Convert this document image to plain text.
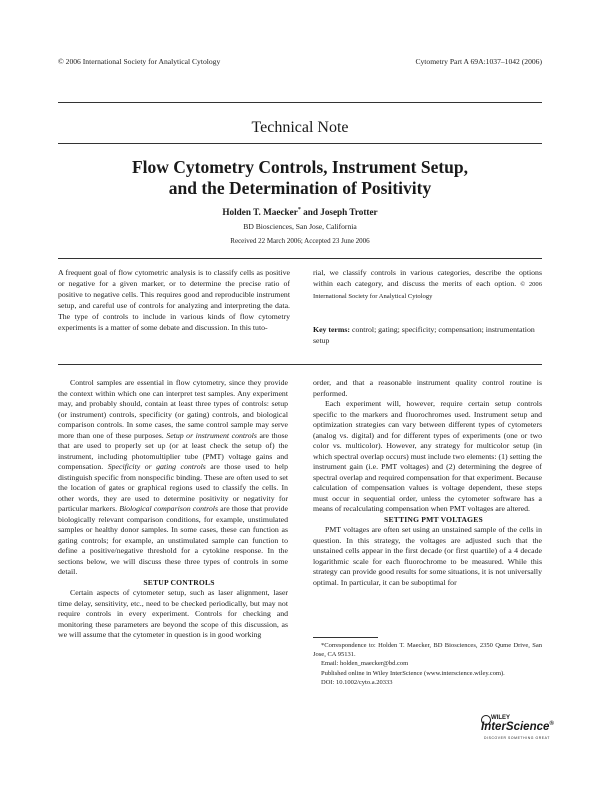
© 2006 International Society for Analytical Cytology	Cytometry Part A 69A:1037–1042 (2006)
Technical Note
Flow Cytometry Controls, Instrument Setup,
and the Determination of Positivity
Holden T. Maecker* and Joseph Trotter
BD Biosciences, San Jose, California
Received 22 March 2006; Accepted 23 June 2006
A frequent goal of flow cytometric analysis is to classify cells as positive or negative for a given marker, or to determine the precise ratio of positive to negative cells. This requires good and reproducible instrument setup, and careful use of controls for analyzing and interpreting the data. The type of controls to include in various kinds of flow cytometry experiments is a matter of some debate and discussion. In this tuto-
rial, we classify controls in various categories, describe the options within each category, and discuss the merits of each option. © 2006 International Society for Analytical Cytology
Key terms: control; gating; specificity; compensation; instrumentation setup

Control samples are essential in flow cytometry, since they provide the context within which one can interpret test samples. Any experiment may, and probably should, contain at least three types of controls: setup (or instrument) controls, specificity (or gating) controls, and biological comparison controls. In some cases, the same control sample may serve more than one of these purposes. Setup or instrument controls are those that are used to properly set up (or at least check the setup of) the instrument, including photomultiplier tube (PMT) voltage gains and compensation. Specificity or gating controls are those used to help distinguish specific from nonspecific binding. These are often used to set the location of gates or graphical regions used to classify the cells. In other words, they are used to determine positivity or negativity for particular markers. Biological comparison controls are those that provide biologically relevant comparison conditions, for example, unstimulated samples or healthy donor samples. In some cases, these can function as gating controls; for example, an unstimulated sample can function to define a positive/negative threshold for a cytokine response. In the sections below, we will discuss these three types of controls in some detail.

SETUP CONTROLS

Certain aspects of cytometer setup, such as laser alignment, laser time delay, sensitivity, etc., need to be checked periodically, but may not require controls in every experiment. Controls for checking and monitoring these parameters are beyond the scope of this discussion, as we will assume that the cytometer in question is in good working

order, and that a reasonable instrument quality control routine is performed.

Each experiment will, however, require certain setup controls specific to the markers and fluorochromes used. Instrument setup and optimization strategies can vary between different types of cytometers (analog vs. digital) and for different types of experiments (one or two color vs. multicolor). However, any strategy for multicolor setup (in which spectral overlap occurs) must include two elements: (1) setting the instrument gain (i.e. PMT voltages) and (2) determining the degree of spectral overlap and required compensation for that experiment. Because calculation of compensation values is voltage dependent, these steps must occur in sequential order, unless the cytometer software has a means of recalculating compensation when PMT voltages are altered.

SETTING PMT VOLTAGES

PMT voltages are often set using an unstained sample of the cells in question. In this strategy, the voltages are adjusted such that the unstained cells appear in the first decade (or first quartile) of a 4 decade logarithmic scale for each fluorochrome to be measured. While this strategy can provide good results for some situations, it is not universally optimal. In particular, it can be suboptimal for

*Correspondence to: Holden T. Maecker, BD Biosciences, 2350 Qume Drive, San Jose, CA 95131.

Email: holden_maecker@bd.com

Published online in Wiley InterScience (www.interscience.wiley.com).

DOI: 10.1002/cyto.a.20333

WILEY
InterScience®
DISCOVER SOMETHING GREAT
